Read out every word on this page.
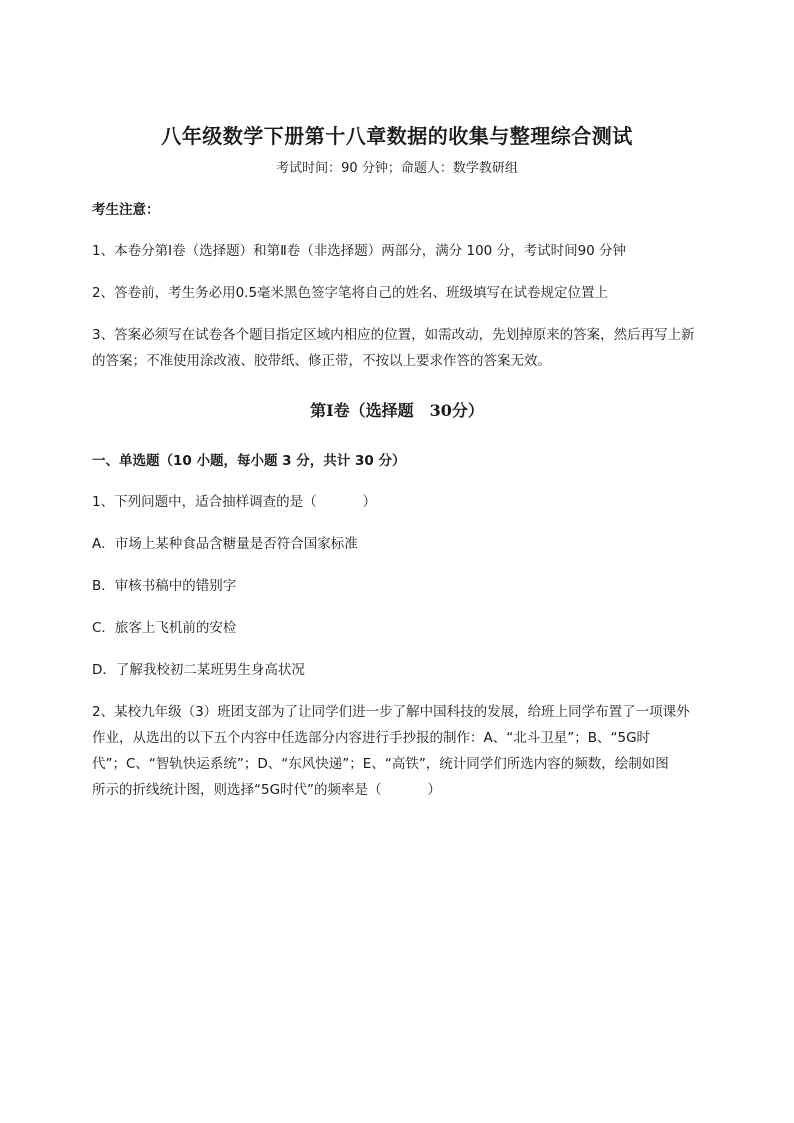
八年级数学下册第十八章数据的收集与整理综合测试
考试时间：90 分钟；命题人：数学教研组
考生注意：
1、本卷分第Ⅰ卷（选择题）和第Ⅱ卷（非选择题）两部分，满分 100 分，考试时间90 分钟
2、答卷前，考生务必用0.5毫米黑色签字笔将自己的姓名、班级填写在试卷规定位置上
3、答案必须写在试卷各个题目指定区域内相应的位置，如需改动，先划掉原来的答案，然后再写上新
的答案；不准使用涂改液、胶带纸、修正带，不按以上要求作答的答案无效。
第Ⅰ卷（选择题　30分）
一、单选题（10 小题，每小题 3 分，共计 30 分）
1、下列问题中，适合抽样调查的是（	）
A．市场上某种食品含糖量是否符合国家标准
B．审核书稿中的错别字
C．旅客上飞机前的安检
D．了解我校初二某班男生身高状况
2、某校九年级（3）班团支部为了让同学们进一步了解中国科技的发展，给班上同学布置了一项课外
作业，从选出的以下五个内容中任选部分内容进行手抄报的制作：A、“北斗卫星”；B、“5G时
代”；C、“智轨快运系统”；D、“东风快递”；E、“高铁”，统计同学们所选内容的频数，绘制如图
所示的折线统计图，则选择“5G时代”的频率是（	）
